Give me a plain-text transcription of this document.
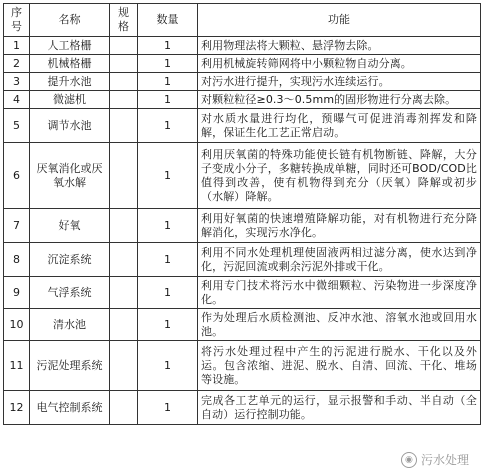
序号	名称	规格	数量	功能
1	人工格栅		1	利用物理法将大颗粒、悬浮物去除。
2	机械格栅		1	利用机械旋转筛网将中小颗粒物自动分离。
3	提升水池		1	对污水进行提升，实现污水连续运行。
4	微滤机		1	对颗粒粒径≥0.3～0.5mm的固形物进行分离去除。
5	调节水池		1	对水质水量进行均化，预曝气可促进消毒剂挥发和降解，保证生化工艺正常启动。
6	厌氧消化或厌氧水解		1	利用厌氧菌的特殊功能使长链有机物断链、降解，大分子变成小分子，多糖转换成单糖，同时还可BOD/COD比值得到改善，使有机物得到充分（厌氧）降解或初步（水解）降解。
7	好氧		1	利用好氧菌的快速增殖降解功能，对有机物进行充分降解消化，实现污水净化。
8	沉淀系统		1	利用不同水处理机理使固液两相过滤分离，使水达到净化，污泥回流或剩余污泥外排或干化。
9	气浮系统		1	利用专门技术将污水中微细颗粒、污染物进一步深度净化。
10	清水池		1	作为处理后水质检测池、反冲水池、溶氧水池或回用水池。
11	污泥处理系统		1	将污水处理过程中产生的污泥进行脱水、干化以及外运。包含浓缩、进泥、脱水、自清、回流、干化、堆场等设施。
12	电气控制系统		1	完成各工艺单元的运行，显示报警和手动、半自动（全自动）运行控制功能。
◉ 污水处理
